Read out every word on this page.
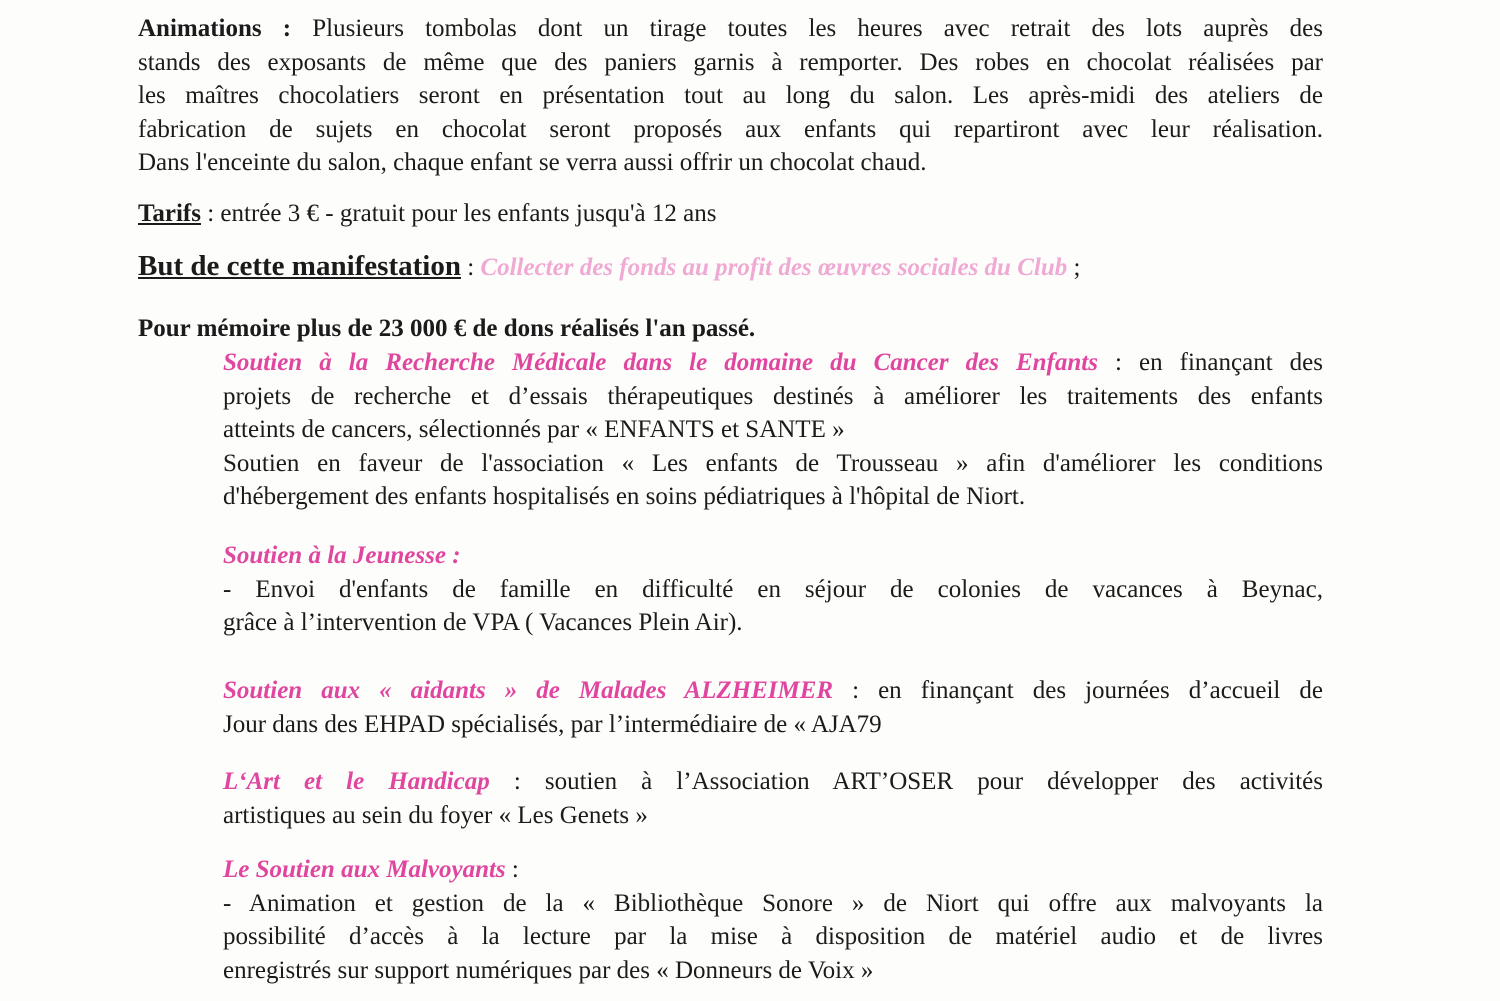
Animations : Plusieurs tombolas dont un tirage toutes les heures avec retrait des lots auprès des
stands des exposants de même que des paniers garnis à remporter. Des robes en chocolat réalisées par
les maîtres chocolatiers seront en présentation tout au long du salon. Les après-midi des ateliers de
fabrication de sujets en chocolat seront proposés aux enfants qui repartiront avec leur réalisation.
Dans l'enceinte du salon, chaque enfant se verra aussi offrir un chocolat chaud.
Tarifs : entrée 3 € - gratuit pour les enfants jusqu'à 12 ans
But de cette manifestation : Collecter des fonds au profit des œuvres sociales du Club ;
Pour mémoire plus de 23 000 € de dons réalisés l'an passé.
Soutien à la Recherche Médicale dans le domaine du Cancer des Enfants : en finançant des
projets de recherche et d’essais thérapeutiques destinés à améliorer les traitements des enfants
atteints de cancers, sélectionnés par « ENFANTS et SANTE »
Soutien en faveur de l'association « Les enfants de Trousseau » afin d'améliorer les conditions
d'hébergement des enfants hospitalisés en soins pédiatriques à l'hôpital de Niort.
Soutien à la Jeunesse :
- Envoi d'enfants de famille en difficulté en séjour de colonies de vacances à Beynac,
grâce à l’intervention de VPA ( Vacances Plein Air).
Soutien aux « aidants » de Malades ALZHEIMER : en finançant des journées d’accueil de
Jour dans des EHPAD spécialisés, par l’intermédiaire de « AJA79
L‘Art et le Handicap : soutien à l’Association ART’OSER pour développer des activités
artistiques au sein du foyer « Les Genets »
Le Soutien aux Malvoyants :
- Animation et gestion de la « Bibliothèque Sonore » de Niort qui offre aux malvoyants la
possibilité d’accès à la lecture par la mise à disposition de matériel audio et de livres
enregistrés sur support numériques par des « Donneurs de Voix »
